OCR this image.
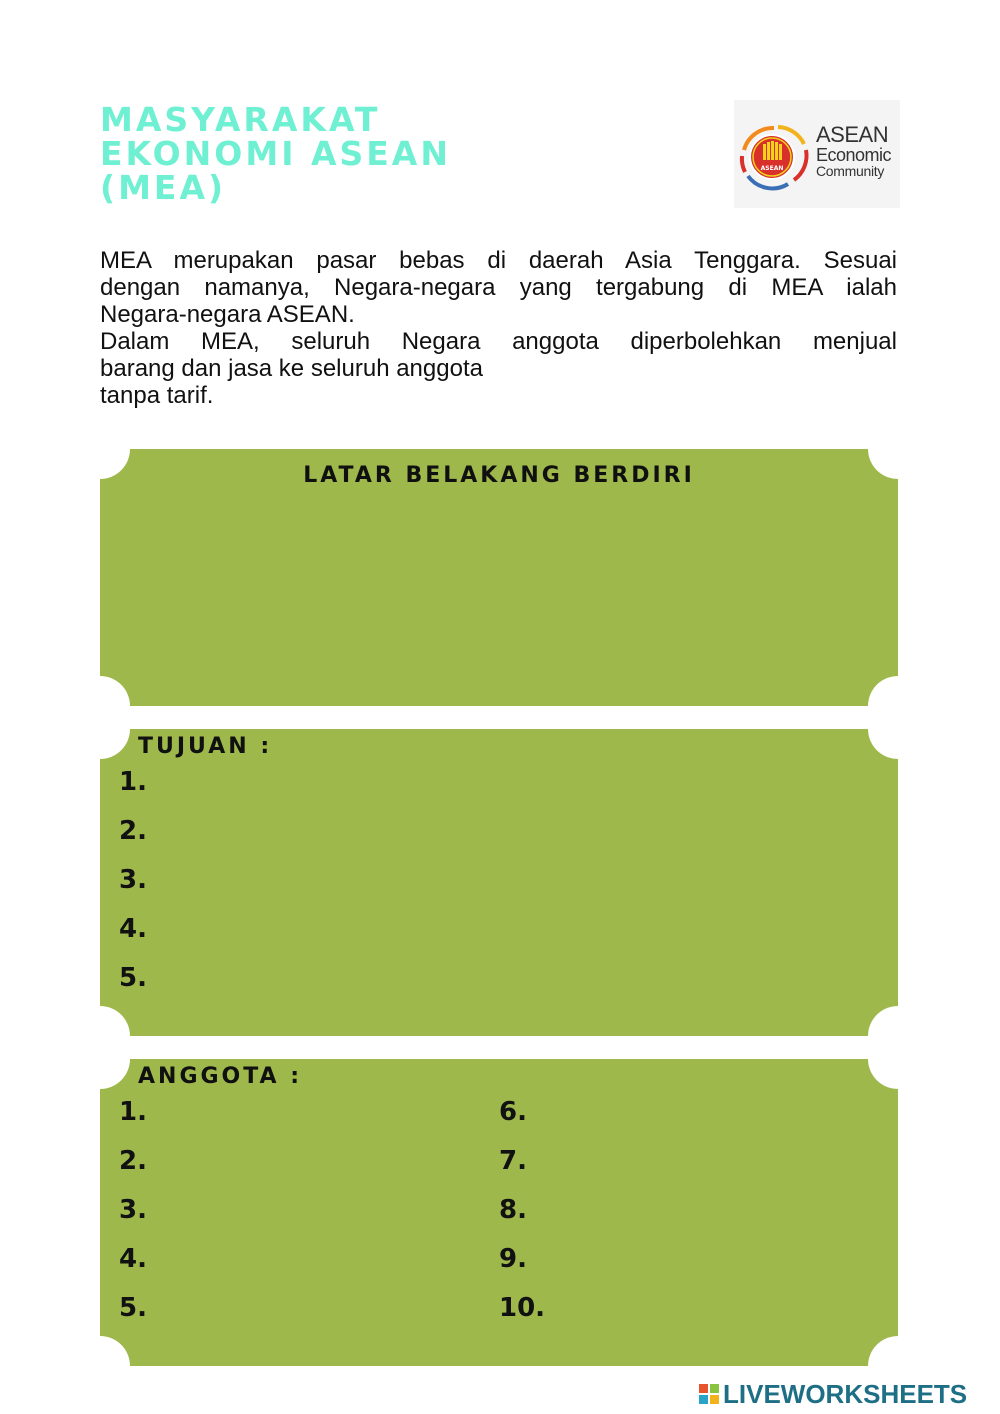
MASYARAKAT
EKONOMI ASEAN
(MEA)	ASEAN
ASEAN
Economic
Community

MEA merupakan pasar bebas di daerah Asia Tenggara. Sesuai
dengan namanya, Negara-negara yang tergabung di MEA ialah
Negara-negara ASEAN.
Dalam MEA, seluruh Negara anggota diperbolehkan menjual
barang dan jasa ke seluruh anggota
tanpa tarif.

LATAR BELAKANG BERDIRI
TUJUAN :
1.
2.
3.
4.
5.
ANGGOTA :
1.
2.
3.
4.
5.
6.
7.
8.
9.
10.
LIVEWORKSHEETS
